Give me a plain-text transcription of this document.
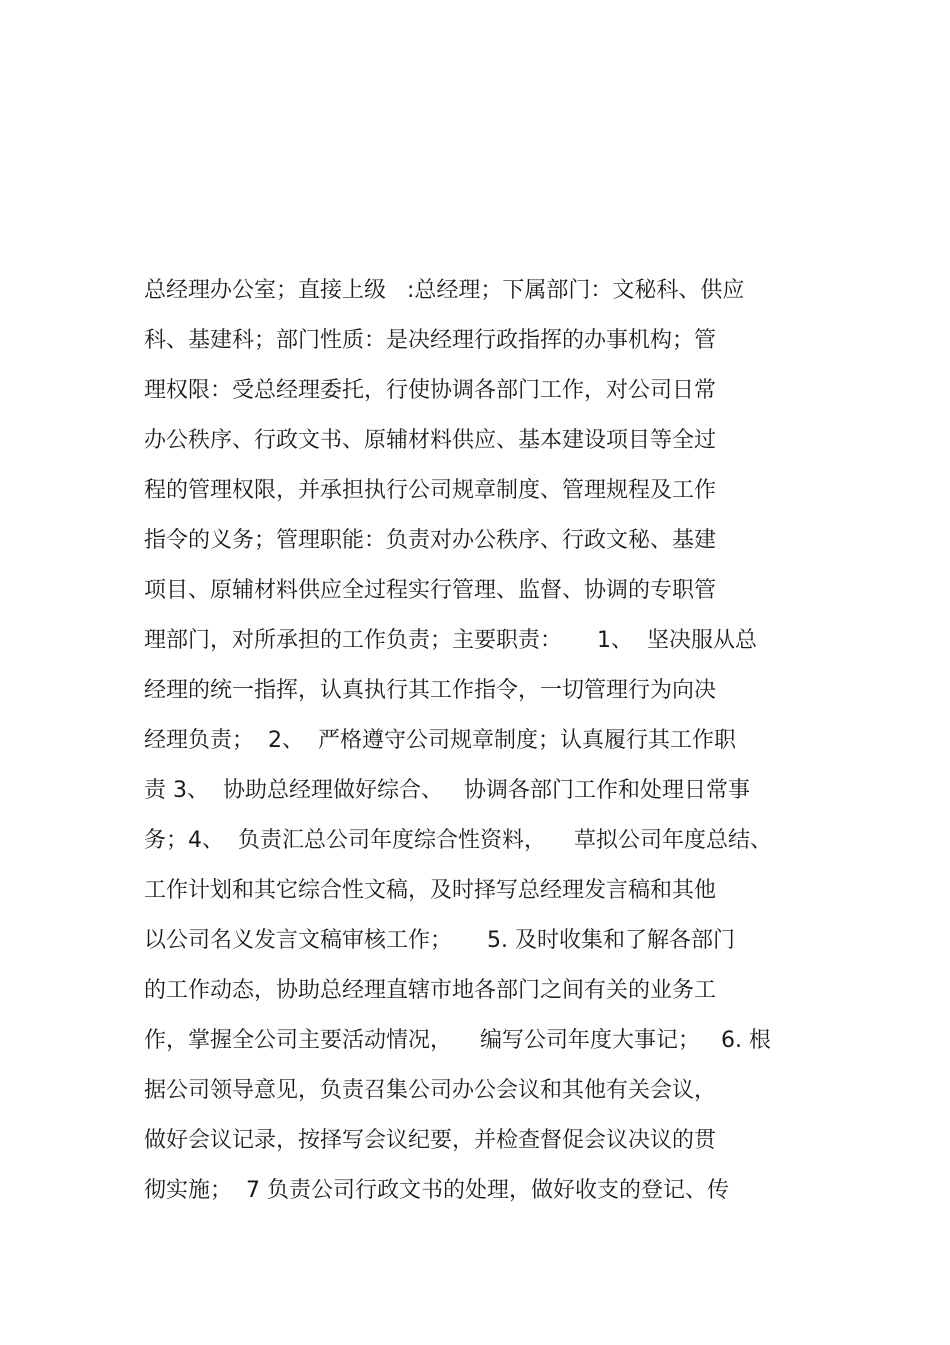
总经理办公室；直接上级   :总经理；下属部门：文秘科、供应
科、基建科；部门性质：是决经理行政指挥的办事机构；管
理权限：受总经理委托，行使协调各部门工作，对公司日常
办公秩序、行政文书、原辅材料供应、基本建设项目等全过
程的管理权限，并承担执行公司规章制度、管理规程及工作
指令的义务；管理职能：负责对办公秩序、行政文秘、基建
项目、原辅材料供应全过程实行管理、监督、协调的专职管
理部门，对所承担的工作负责；主要职责：     1、  坚决服从总
经理的统一指挥，认真执行其工作指令，一切管理行为向决
经理负责；  2、  严格遵守公司规章制度；认真履行其工作职
责 3、  协助总经理做好综合、   协调各部门工作和处理日常事
务；4、  负责汇总公司年度综合性资料，    草拟公司年度总结、
工作计划和其它综合性文稿，及时择写总经理发言稿和其他
以公司名义发言文稿审核工作；     5. 及时收集和了解各部门
的工作动态，协助总经理直辖市地各部门之间有关的业务工
作，掌握全公司主要活动情况，    编写公司年度大事记；   6. 根
据公司领导意见，负责召集公司办公会议和其他有关会议，
做好会议记录，按择写会议纪要，并检查督促会议决议的贯
彻实施；  7 负责公司行政文书的处理，做好收支的登记、传
